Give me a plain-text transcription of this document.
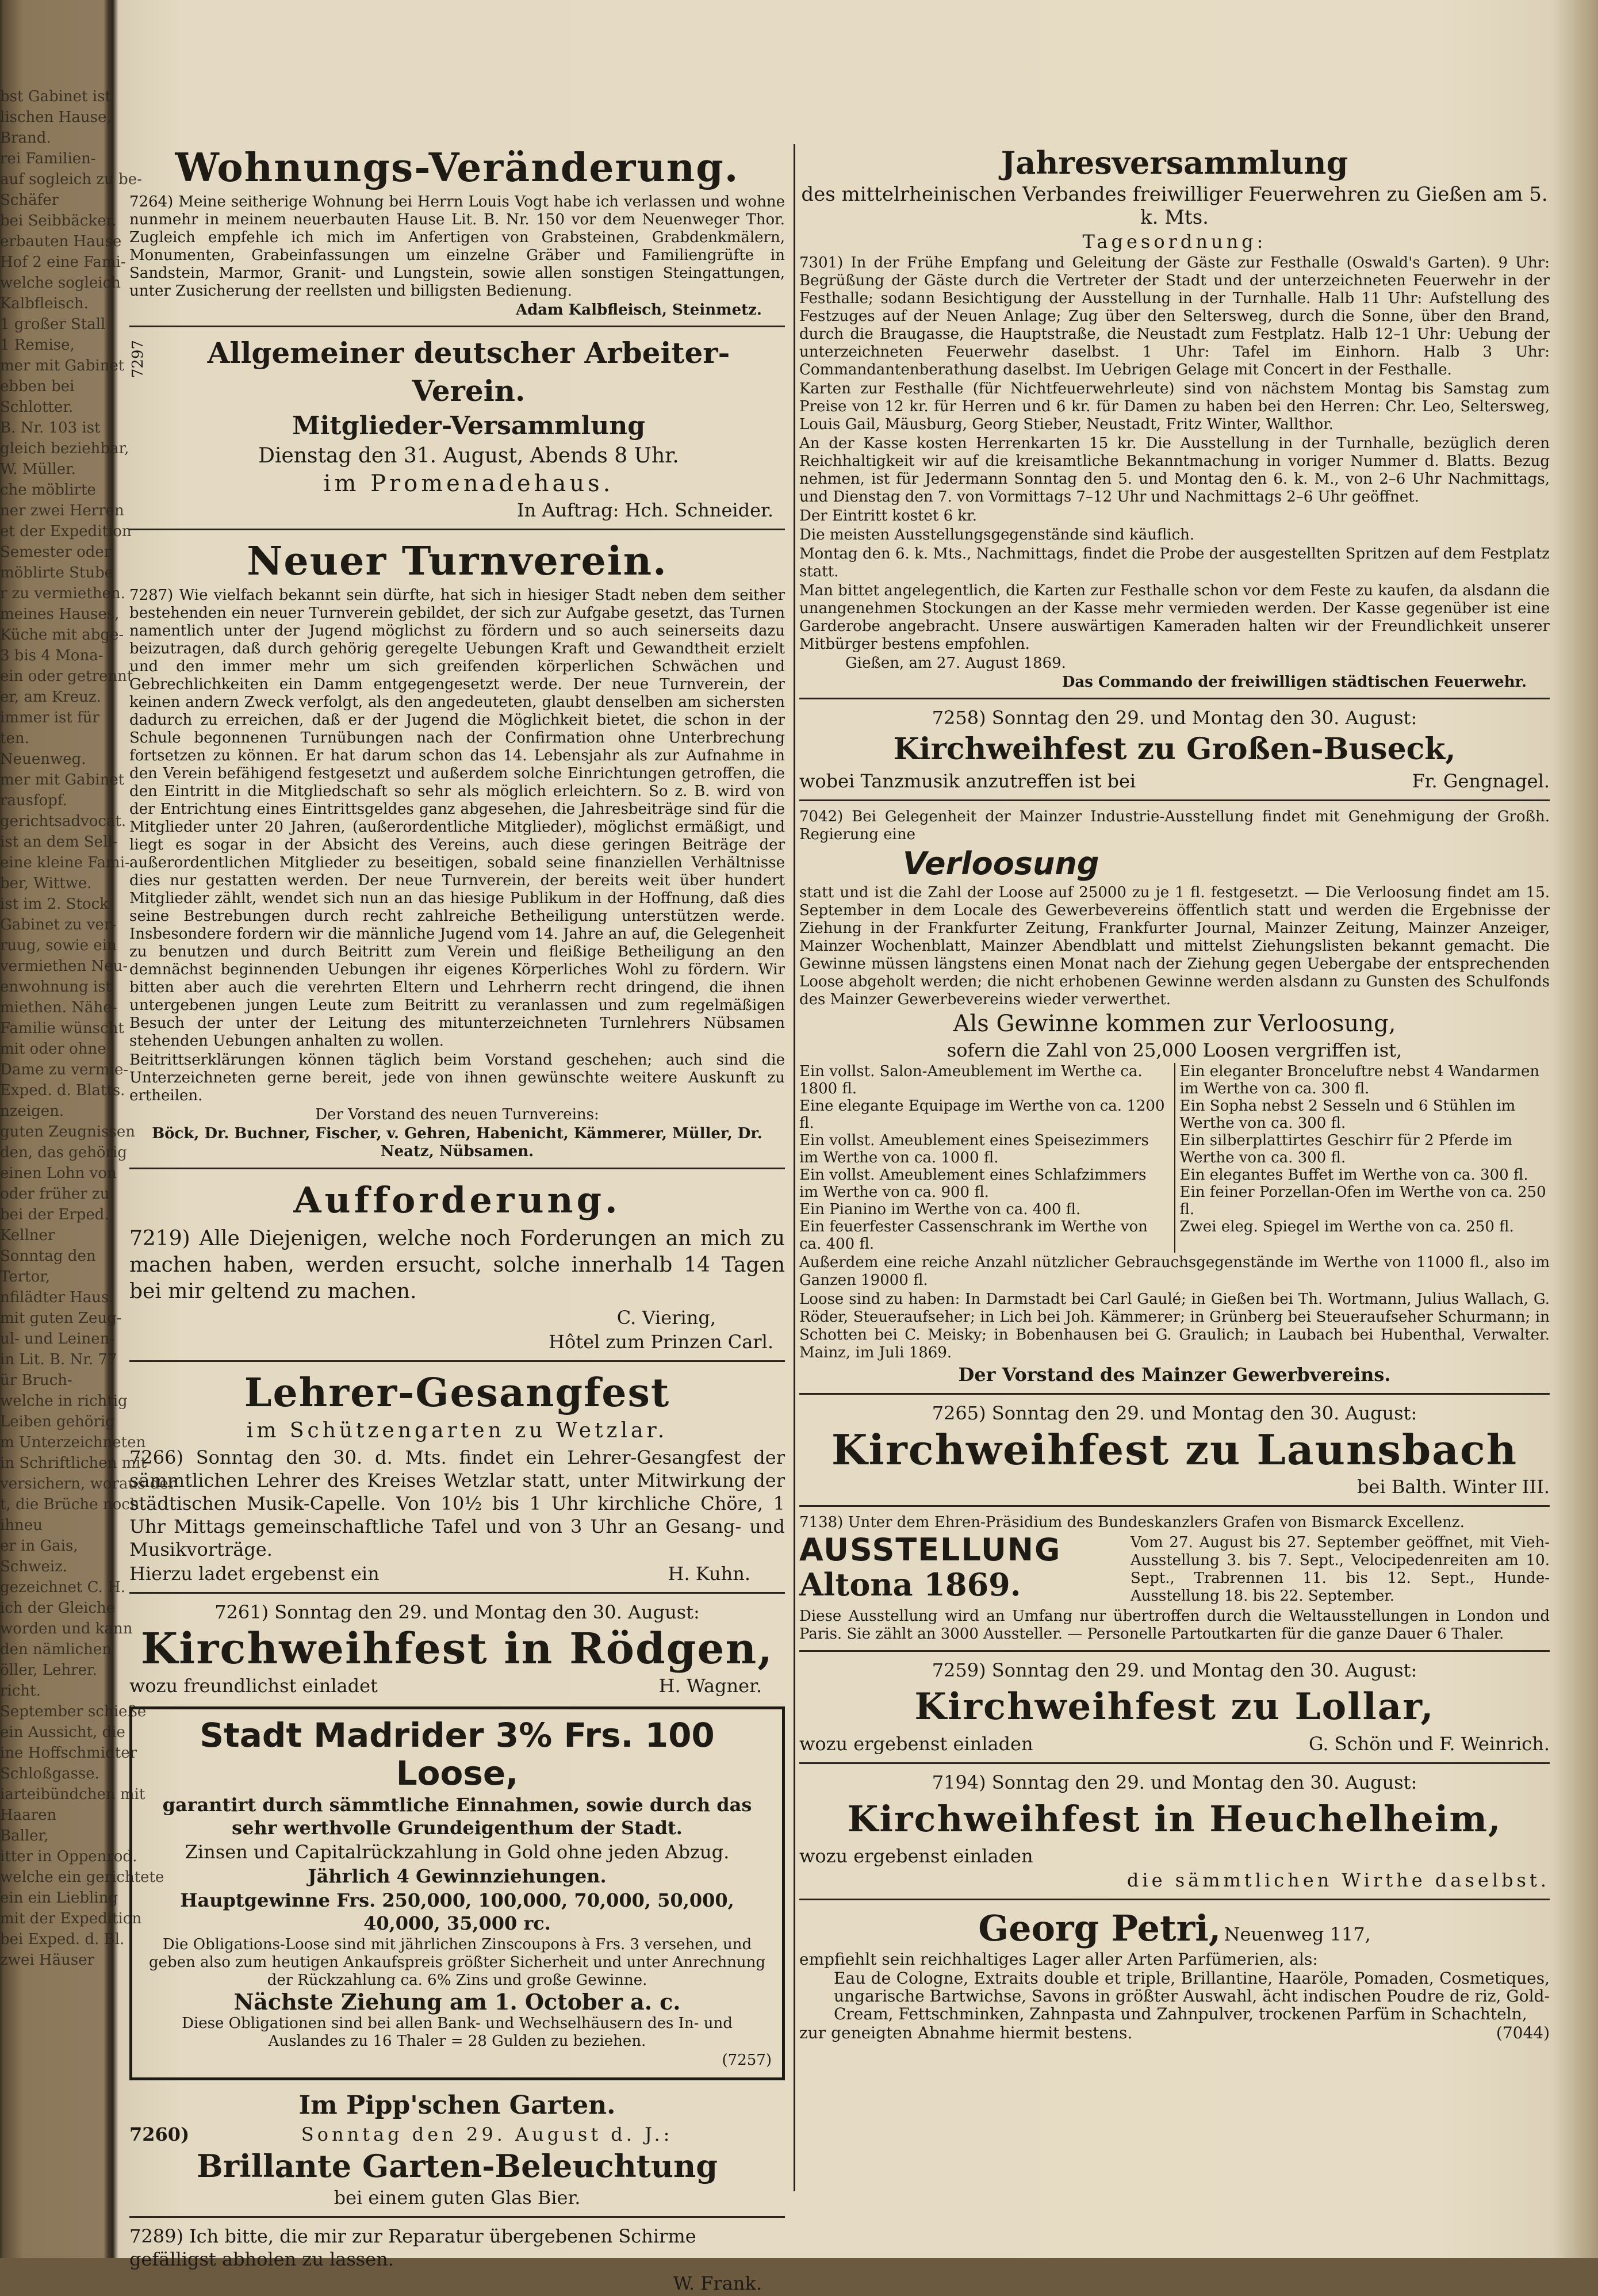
bst Gabinet ist
lischen Hause,
Brand.
rei Familien-
auf sogleich zu be-
Schäfer
bei Seibbäcker.
erbauten Hause
Hof 2 eine Fami-
welche sogleich
Kalbfleisch.
1 großer Stall
1 Remise,
mer mit Gabinet
ebben bei
Schlotter.
B. Nr. 103 ist
gleich beziehbar,
W. Müller.
che möblirte
ner zwei Herren
et der Expedition
Semester oder
möblirte Stube
r zu vermiethen.
meines Hauses,
Küche mit abge-
3 bis 4 Mona-
ein oder getrennt
er, am Kreuz.
immer ist für
ten.
Neuenweg.
mer mit Gabinet
rausfopf.
gerichtsadvocat.
ist an dem Sell-
eine kleine Fami-
ber, Wittwe.
ist im 2. Stock
Gabinet zu ver-
ruug, sowie ein
vermiethen Neu-
enwohnung ist
miethen. Nähe-
Familie wünscht
mit oder ohne
Dame zu vermie-
Exped. d. Blatts.
nzeigen.
guten Zeugnissen
den, das gehörig
einen Lohn von
oder früher zu
bei der Erped.
Kellner
Sonntag den
Tertor,
nfilädter Haus.
mit guten Zeug-
ul- und Leinen-
in Lit. B. Nr. 77
ür Bruch-
welche in richtig
Leiben gehörig
m Unterzeichneten
in Schriftlichen mit
versichern, woraus der
t, die Brüche noch
ihneu
er in Gais,
Schweiz.
gezeichnet C. H.
ich der Gleiche
worden und kann
den nämlichen
öller, Lehrer.
richt.
September schieße
ein Aussicht, die
ine Hoffschmidter
Schloßgasse.
iarteibündchen mit
Haaren
Baller,
itter in Oppenrod.
welche ein gerichtete
ein ein Liebling
mit der Expedition
bei Exped. d. Bl.
zwei Häuser
Wohnungs-Veränderung.

7264) Meine seitherige Wohnung bei Herrn Louis Vogt habe ich verlassen und wohne nunmehr in meinem neuerbauten Hause Lit. B. Nr. 150 vor dem Neuenweger Thor. Zugleich empfehle ich mich im Anfertigen von Grabsteinen, Grabdenkmälern, Monumenten, Grabeinfassungen um einzelne Gräber und Familiengrüfte in Sandstein, Marmor, Granit- und Lungstein, sowie allen sonstigen Steingattungen, unter Zusicherung der reellsten und billigsten Bedienung.

Adam Kalbfleisch, Steinmetz.
7297	Allgemeiner deutscher Arbeiter-Verein.
Mitglieder-Versammlung
Dienstag den 31. August, Abends 8 Uhr.
im Promenadehaus.
In Auftrag: Hch. Schneider.
Neuer Turnverein.

7287) Wie vielfach bekannt sein dürfte, hat sich in hiesiger Stadt neben dem seither bestehenden ein neuer Turnverein gebildet, der sich zur Aufgabe gesetzt, das Turnen namentlich unter der Jugend möglichst zu fördern und so auch seinerseits dazu beizutragen, daß durch gehörig geregelte Uebungen Kraft und Gewandtheit erzielt und den immer mehr um sich greifenden körperlichen Schwächen und Gebrechlichkeiten ein Damm entgegengesetzt werde. Der neue Turnverein, der keinen andern Zweck verfolgt, als den angedeuteten, glaubt denselben am sichersten dadurch zu erreichen, daß er der Jugend die Möglichkeit bietet, die schon in der Schule begonnenen Turnübungen nach der Confirmation ohne Unterbrechung fortsetzen zu können. Er hat darum schon das 14. Lebensjahr als zur Aufnahme in den Verein befähigend festgesetzt und außerdem solche Einrichtungen getroffen, die den Eintritt in die Mitgliedschaft so sehr als möglich erleichtern. So z. B. wird von der Entrichtung eines Eintrittsgeldes ganz abgesehen, die Jahresbeiträge sind für die Mitglieder unter 20 Jahren, (außerordentliche Mitglieder), möglichst ermäßigt, und liegt es sogar in der Absicht des Vereins, auch diese geringen Beiträge der außerordentlichen Mitglieder zu beseitigen, sobald seine finanziellen Verhältnisse dies nur gestatten werden. Der neue Turnverein, der bereits weit über hundert Mitglieder zählt, wendet sich nun an das hiesige Publikum in der Hoffnung, daß dies seine Bestrebungen durch recht zahlreiche Betheiligung unterstützen werde. Insbesondere fordern wir die männliche Jugend vom 14. Jahre an auf, die Gelegenheit zu benutzen und durch Beitritt zum Verein und fleißige Betheiligung an den demnächst beginnenden Uebungen ihr eigenes Körperliches Wohl zu fördern. Wir bitten aber auch die verehrten Eltern und Lehrherrn recht dringend, die ihnen untergebenen jungen Leute zum Beitritt zu veranlassen und zum regelmäßigen Besuch der unter der Leitung des mitunterzeichneten Turnlehrers Nübsamen stehenden Uebungen anhalten zu wollen.

Beitrittserklärungen können täglich beim Vorstand geschehen; auch sind die Unterzeichneten gerne bereit, jede von ihnen gewünschte weitere Auskunft zu ertheilen.

Der Vorstand des neuen Turnvereins:
Böck, Dr. Buchner, Fischer, v. Gehren, Habenicht, Kämmerer, Müller, Dr. Neatz, Nübsamen.
Aufforderung.

7219) Alle Diejenigen, welche noch Forderungen an mich zu machen haben, werden ersucht, solche innerhalb 14 Tagen bei mir geltend zu machen.

C. Viering,
Hôtel zum Prinzen Carl.
Lehrer-Gesangfest
im Schützengarten zu Wetzlar.

7266) Sonntag den 30. d. Mts. findet ein Lehrer-Gesangfest der sämmtlichen Lehrer des Kreises Wetzlar statt, unter Mitwirkung der städtischen Musik-Capelle. Von 10½ bis 1 Uhr kirchliche Chöre, 1 Uhr Mittags gemeinschaftliche Tafel und von 3 Uhr an Gesang- und Musikvorträge.

Hierzu ladet ergebenst ein	H. Kuhn.
7261) Sonntag den 29. und Montag den 30. August:
Kirchweihfest in Rödgen,
wozu freundlichst einladet	H. Wagner.
Stadt Madrider 3% Frs. 100 Loose,
garantirt durch sämmtliche Einnahmen, sowie durch das sehr werthvolle Grundeigenthum der Stadt.
Zinsen und Capitalrückzahlung in Gold ohne jeden Abzug.
Jährlich 4 Gewinnziehungen.
Hauptgewinne Frs. 250,000, 100,000, 70,000, 50,000, 40,000, 35,000 rc.
Die Obligations-Loose sind mit jährlichen Zinscoupons à Frs. 3 versehen, und geben also zum heutigen Ankaufspreis größter Sicherheit und unter Anrechnung der Rückzahlung ca. 6% Zins und große Gewinne.
Nächste Ziehung am 1. October a. c.
Diese Obligationen sind bei allen Bank- und Wechselhäusern des In- und Auslandes zu 16 Thaler = 28 Gulden zu beziehen.
(7257)
Im Pipp'schen Garten.
7260)	Sonntag den 29. August d. J.:
Brillante Garten-Beleuchtung
bei einem guten Glas Bier.

7289) Ich bitte, die mir zur Reparatur übergebenen Schirme gefälligst abholen zu lassen.

W. Frank.
Jahresversammlung
des mittelrheinischen Verbandes freiwilliger Feuerwehren zu Gießen am 5. k. Mts.
Tagesordnung:

7301) In der Frühe Empfang und Geleitung der Gäste zur Festhalle (Oswald's Garten). 9 Uhr: Begrüßung der Gäste durch die Vertreter der Stadt und der unterzeichneten Feuerwehr in der Festhalle; sodann Besichtigung der Ausstellung in der Turnhalle. Halb 11 Uhr: Aufstellung des Festzuges auf der Neuen Anlage; Zug über den Seltersweg, durch die Sonne, über den Brand, durch die Braugasse, die Hauptstraße, die Neustadt zum Festplatz. Halb 12–1 Uhr: Uebung der unterzeichneten Feuerwehr daselbst. 1 Uhr: Tafel im Einhorn. Halb 3 Uhr: Commandantenberathung daselbst. Im Uebrigen Gelage mit Concert in der Festhalle.

Karten zur Festhalle (für Nichtfeuerwehrleute) sind von nächstem Montag bis Samstag zum Preise von 12 kr. für Herren und 6 kr. für Damen zu haben bei den Herren: Chr. Leo, Seltersweg, Louis Gail, Mäusburg, Georg Stieber, Neustadt, Fritz Winter, Wallthor.

An der Kasse kosten Herrenkarten 15 kr. Die Ausstellung in der Turnhalle, bezüglich deren Reichhaltigkeit wir auf die kreisamtliche Bekanntmachung in voriger Nummer d. Blatts. Bezug nehmen, ist für Jedermann Sonntag den 5. und Montag den 6. k. M., von 2–6 Uhr Nachmittags, und Dienstag den 7. von Vormittags 7–12 Uhr und Nachmittags 2–6 Uhr geöffnet.

Der Eintritt kostet 6 kr.

Die meisten Ausstellungsgegenstände sind käuflich.

Montag den 6. k. Mts., Nachmittags, findet die Probe der ausgestellten Spritzen auf dem Festplatz statt.

Man bittet angelegentlich, die Karten zur Festhalle schon vor dem Feste zu kaufen, da alsdann die unangenehmen Stockungen an der Kasse mehr vermieden werden. Der Kasse gegenüber ist eine Garderobe angebracht. Unsere auswärtigen Kameraden halten wir der Freundlichkeit unserer Mitbürger bestens empfohlen.

Gießen, am 27. August 1869.
Das Commando der freiwilligen städtischen Feuerwehr.
7258) Sonntag den 29. und Montag den 30. August:
Kirchweihfest zu Großen-Buseck,
wobei Tanzmusik anzutreffen ist bei	Fr. Gengnagel.

7042) Bei Gelegenheit der Mainzer Industrie-Ausstellung findet mit Genehmigung der Großh. Regierung eine

Verloosung

statt und ist die Zahl der Loose auf 25000 zu je 1 fl. festgesetzt. — Die Verloosung findet am 15. September in dem Locale des Gewerbevereins öffentlich statt und werden die Ergebnisse der Ziehung in der Frankfurter Zeitung, Frankfurter Journal, Mainzer Zeitung, Mainzer Anzeiger, Mainzer Wochenblatt, Mainzer Abendblatt und mittelst Ziehungslisten bekannt gemacht. Die Gewinne müssen längstens einen Monat nach der Ziehung gegen Uebergabe der entsprechenden Loose abgeholt werden; die nicht erhobenen Gewinne werden alsdann zu Gunsten des Schulfonds des Mainzer Gewerbevereins wieder verwerthet.

Als Gewinne kommen zur Verloosung,
sofern die Zahl von 25,000 Loosen vergriffen ist,
Ein vollst. Salon-Ameublement im Werthe ca. 1800 fl.
Eine elegante Equipage im Werthe von ca. 1200 fl.
Ein vollst. Ameublement eines Speisezimmers im Werthe von ca. 1000 fl.
Ein vollst. Ameublement eines Schlafzimmers im Werthe von ca. 900 fl.
Ein Pianino im Werthe von ca. 400 fl.
Ein feuerfester Cassenschrank im Werthe von ca. 400 fl.
Ein eleganter Bronceluftre nebst 4 Wandarmen im Werthe von ca. 300 fl.
Ein Sopha nebst 2 Sesseln und 6 Stühlen im Werthe von ca. 300 fl.
Ein silberplattirtes Geschirr für 2 Pferde im Werthe von ca. 300 fl.
Ein elegantes Buffet im Werthe von ca. 300 fl.
Ein feiner Porzellan-Ofen im Werthe von ca. 250 fl.
Zwei eleg. Spiegel im Werthe von ca. 250 fl.

Außerdem eine reiche Anzahl nützlicher Gebrauchsgegenstände im Werthe von 11000 fl., also im Ganzen 19000 fl.

Loose sind zu haben: In Darmstadt bei Carl Gaulé; in Gießen bei Th. Wortmann, Julius Wallach, G. Röder, Steueraufseher; in Lich bei Joh. Kämmerer; in Grünberg bei Steueraufseher Schurmann; in Schotten bei C. Meisky; in Bobenhausen bei G. Graulich; in Laubach bei Hubenthal, Verwalter. Mainz, im Juli 1869.

Der Vorstand des Mainzer Gewerbvereins.
7265) Sonntag den 29. und Montag den 30. August:
Kirchweihfest zu Launsbach
bei Balth. Winter III.
7138) Unter dem Ehren-Präsidium des Bundeskanzlers Grafen von Bismarck Excellenz.
AUSSTELLUNG
Altona 1869.
Vom 27. August bis 27. September geöffnet, mit Vieh-Ausstellung 3. bis 7. Sept., Velocipedenreiten am 10. Sept., Trabrennen 11. bis 12. Sept., Hunde-Ausstellung 18. bis 22. September.

Diese Ausstellung wird an Umfang nur übertroffen durch die Weltausstellungen in London und Paris. Sie zählt an 3000 Aussteller. — Personelle Partoutkarten für die ganze Dauer 6 Thaler.

7259) Sonntag den 29. und Montag den 30. August:
Kirchweihfest zu Lollar,
wozu ergebenst einladen	G. Schön und F. Weinrich.
7194) Sonntag den 29. und Montag den 30. August:
Kirchweihfest in Heuchelheim,
wozu ergebenst einladen
die sämmtlichen Wirthe daselbst.
Georg Petri, Neuenweg 117,

empfiehlt sein reichhaltiges Lager aller Arten Parfümerien, als:

Eau de Cologne, Extraits double et triple, Brillantine, Haaröle, Pomaden, Cosmetiques, ungarische Bartwichse, Savons in größter Auswahl, ächt indischen Poudre de riz, Gold-Cream, Fettschminken, Zahnpasta und Zahnpulver, trockenen Parfüm in Schachteln,

zur geneigten Abnahme hiermit bestens.	(7044)
